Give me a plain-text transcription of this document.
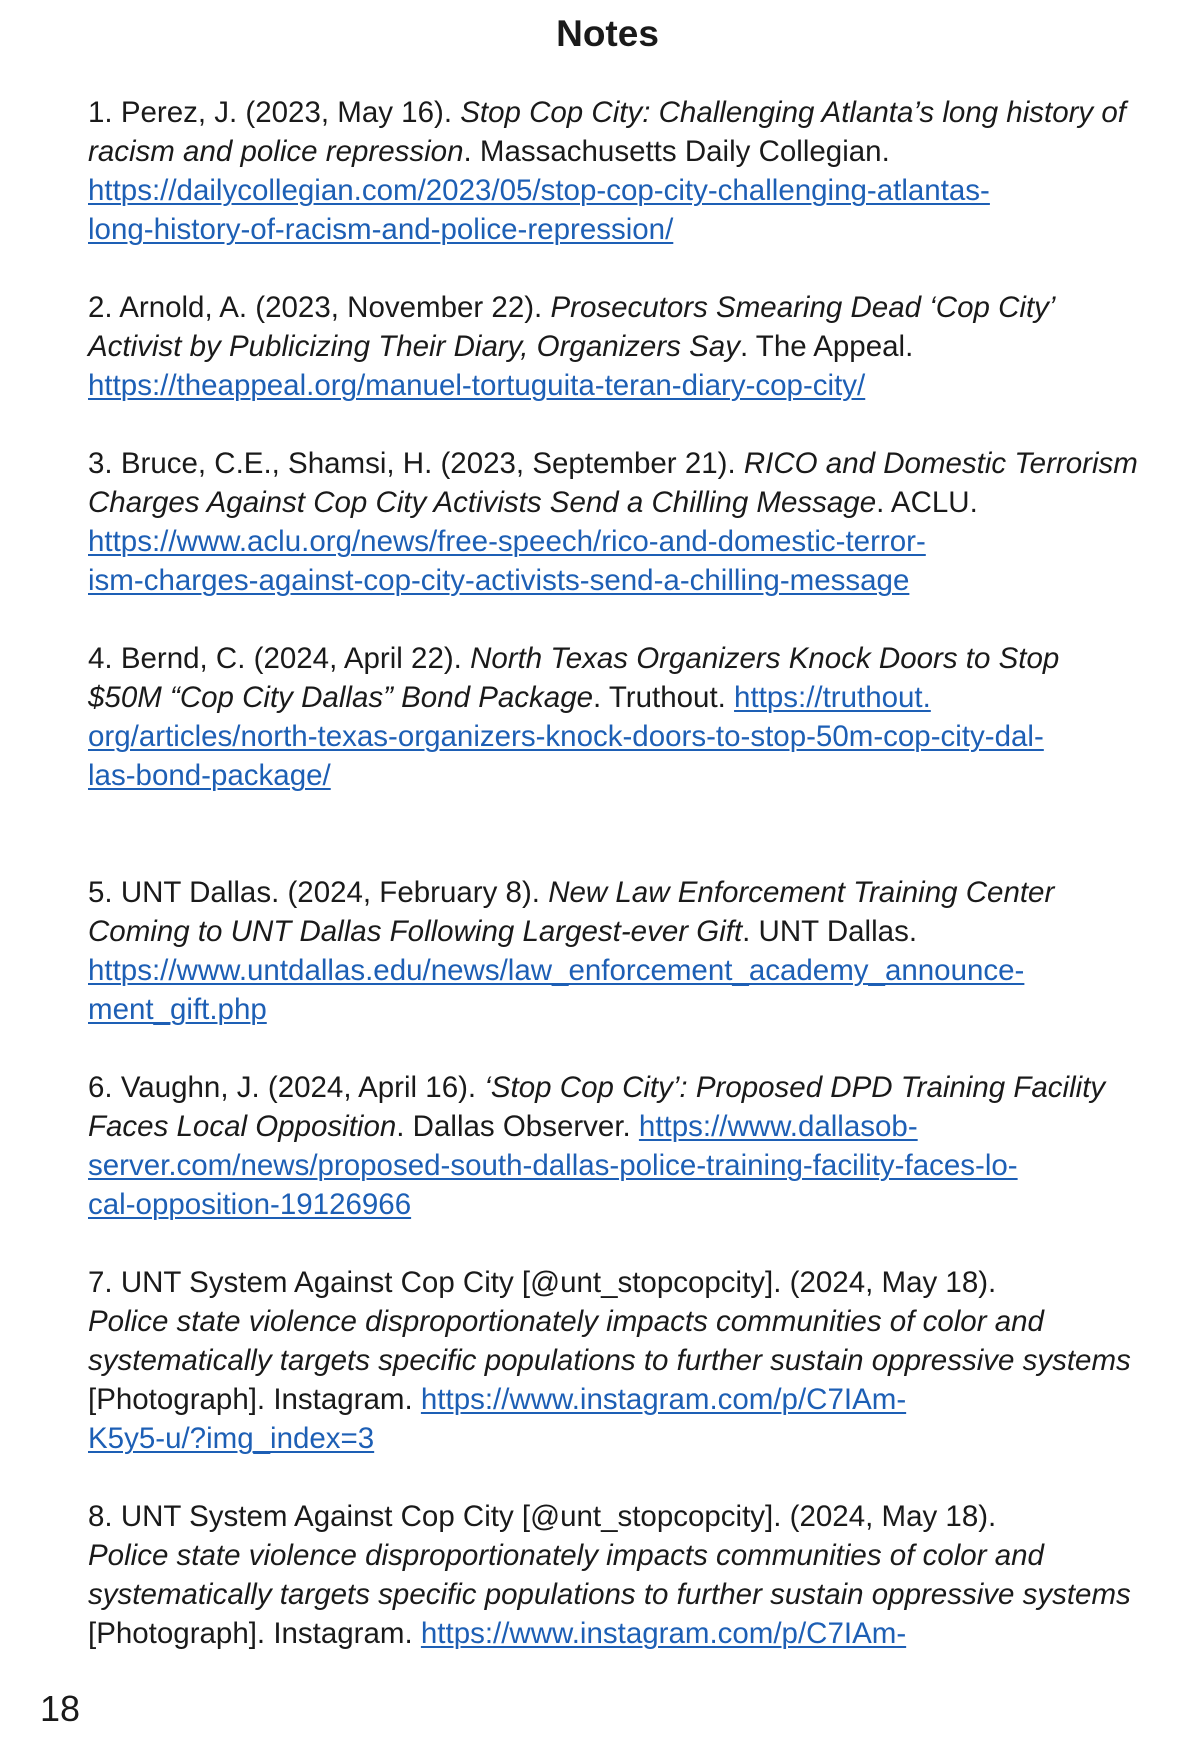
Notes

1. Perez, J. (2023, May 16). Stop Cop City: Challenging Atlanta’s long history of racism and police repression. Massachusetts Daily Collegian.
https://dailycollegian.com/2023/05/stop-cop-city-challenging-atlantas-
long-history-of-racism-and-police-repression/

2. Arnold, A. (2023, November 22). Prosecutors Smearing Dead ‘Cop City’ Activist by Publicizing Their Diary, Organizers Say. The Appeal.
https://theappeal.org/manuel-tortuguita-teran-diary-cop-city/

3. Bruce, C.E., Shamsi, H. (2023, September 21). RICO and Domestic Terrorism Charges Against Cop City Activists Send a Chilling Message. ACLU. https://www.aclu.org/news/free-speech/rico-and-domestic-terror-
ism-charges-against-cop-city-activists-send-a-chilling-message

4. Bernd, C. (2024, April 22). North Texas Organizers Knock Doors to Stop $50M “Cop City Dallas” Bond Package. Truthout. https://truthout.
org/articles/north-texas-organizers-knock-doors-to-stop-50m-cop-city-dal-
las-bond-package/

5. UNT Dallas. (2024, February 8). New Law Enforcement Training Center Coming to UNT Dallas Following Largest-ever Gift. UNT Dallas.
https://www.untdallas.edu/news/law_enforcement_academy_announce-
ment_gift.php

6. Vaughn, J. (2024, April 16). ‘Stop Cop City’: Proposed DPD Training Facility Faces Local Opposition. Dallas Observer. https://www.dallasob-
server.com/news/proposed-south-dallas-police-training-facility-faces-lo-
cal-opposition-19126966

7. UNT System Against Cop City [@unt_stopcopcity]. (2024, May 18).
Police state violence disproportionately impacts communities of color and systematically targets specific populations to further sustain oppressive systems [Photograph]. Instagram. https://www.instagram.com/p/C7IAm-
K5y5-u/?img_index=3

8. UNT System Against Cop City [@unt_stopcopcity]. (2024, May 18).
Police state violence disproportionately impacts communities of color and systematically targets specific populations to further sustain oppressive systems [Photograph]. Instagram. https://www.instagram.com/p/C7IAm-

18
